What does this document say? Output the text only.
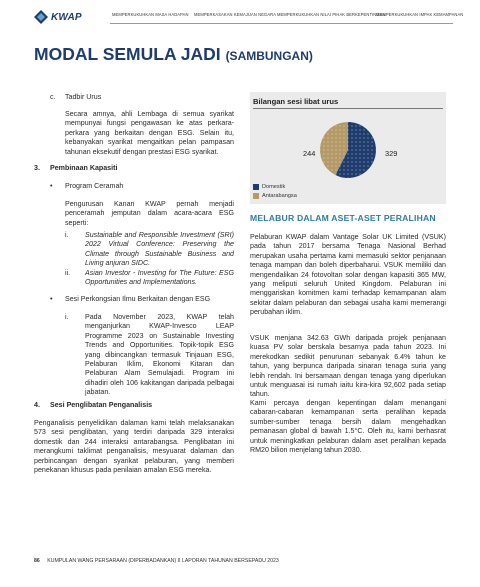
KWAP	MEMPERKUKUHKAN MASA HADAPAN	MEMPERKASAKAN KEMAJUAN NEGARA MEMPERKUKUHKAN NILAI PIHAK BERKEPENTINGAN
MEMPERKUKUHKAN IMPAK KEMAMPANAN
MODAL SEMULA JADI (SAMBUNGAN)
c. Tadbir Urus

Secara amnya, ahli Lembaga di semua syarikat mempunyai fungsi pengawasan ke atas perkara-perkara yang berkaitan dengan ESG. Selain itu, kebanyakan syarikat mengaitkan pelan pampasan tahunan eksekutif dengan prestasi ESG syarikat.

3. Pembinaan Kapasiti
• Program Ceramah

Pengurusan Kanan KWAP pernah menjadi penceramah jemputan dalam acara-acara ESG seperti:

i. Sustainable and Responsible Investment (SRI) 2022 Virtual Conference: Preserving the Climate through Sustainable Business and Living anjuran SIDC.

ii. Asian Investor - Investing for The Future: ESG Opportunities and Implementations.

• Sesi Perkongsian Ilmu Berkaitan dengan ESG
i. Pada November 2023, KWAP telah menganjurkan KWAP-Invesco LEAP Programme 2023 on Sustainable Investing Trends and Opportunities. Topik-topik ESG yang dibincangkan termasuk Tinjauan ESG, Pelaburan Iklim, Ekonomi Kitaran dan Pelaburan Alam Semulajadi. Program ini dihadiri oleh 106 kakitangan daripada pelbagai jabatan.

4. Sesi Penglibatan Penganalisis

Penganalisis penyelidikan dalaman kami telah melaksanakan 573 sesi penglibatan, yang terdiri daripada 329 interaksi domestik dan 244 interaksi antarabangsa. Penglibatan ini merangkumi taklimat penganalisis, mesyuarat dalaman dan perbincangan dengan syarikat pelaburan, yang memberi penekanan khusus pada penilaian amalan ESG mereka.

Bilangan sesi libat urus
244	329
Domestik
Antarabangsa
MELABUR DALAM ASET-ASET PERALIHAN

Pelaburan KWAP dalam Vantage Solar UK Limited (VSUK) pada tahun 2017 bersama Tenaga Nasional Berhad merupakan usaha pertama kami memasuki sektor penjanaan tenaga mampan dan boleh diperbaharui. VSUK memiliki dan mengendalikan 24 fotovoltan solar dengan kapasiti 365 MW, yang meliputi seluruh United Kingdom. Pelaburan ini menggariskan komitmen kami terhadap kemampanan alam sekitar dalam pelaburan dan sebagai usaha kami memerangi perubahan iklim.

VSUK menjana 342.63 GWh daripada projek penjanaan kuasa PV solar berskala besarnya pada tahun 2023. Ini merekodkan sedikit penurunan sebanyak 6.4% tahun ke tahun, yang berpunca daripada sinaran tenaga suria yang lebih rendah. Ini bersamaan dengan tenaga yang diperlukan untuk menguasai isi rumah iaitu kira-kira 92,602 pada setiap tahun.

Kami percaya dengan kepentingan dalam menangani cabaran-cabaran kemampanan serta peralihan kepada sumber-sumber tenaga bersih dalam mengehadkan pemanasan global di bawah 1.5°C. Oleh itu, kami berhasrat untuk meningkatkan pelaburan dalam aset peralihan kepada RM20 bilion menjelang tahun 2030.

86 KUMPULAN WANG PERSARAAN (DIPERBADANKAN) II LAPORAN TAHUNAN BERSEPADU 2023
